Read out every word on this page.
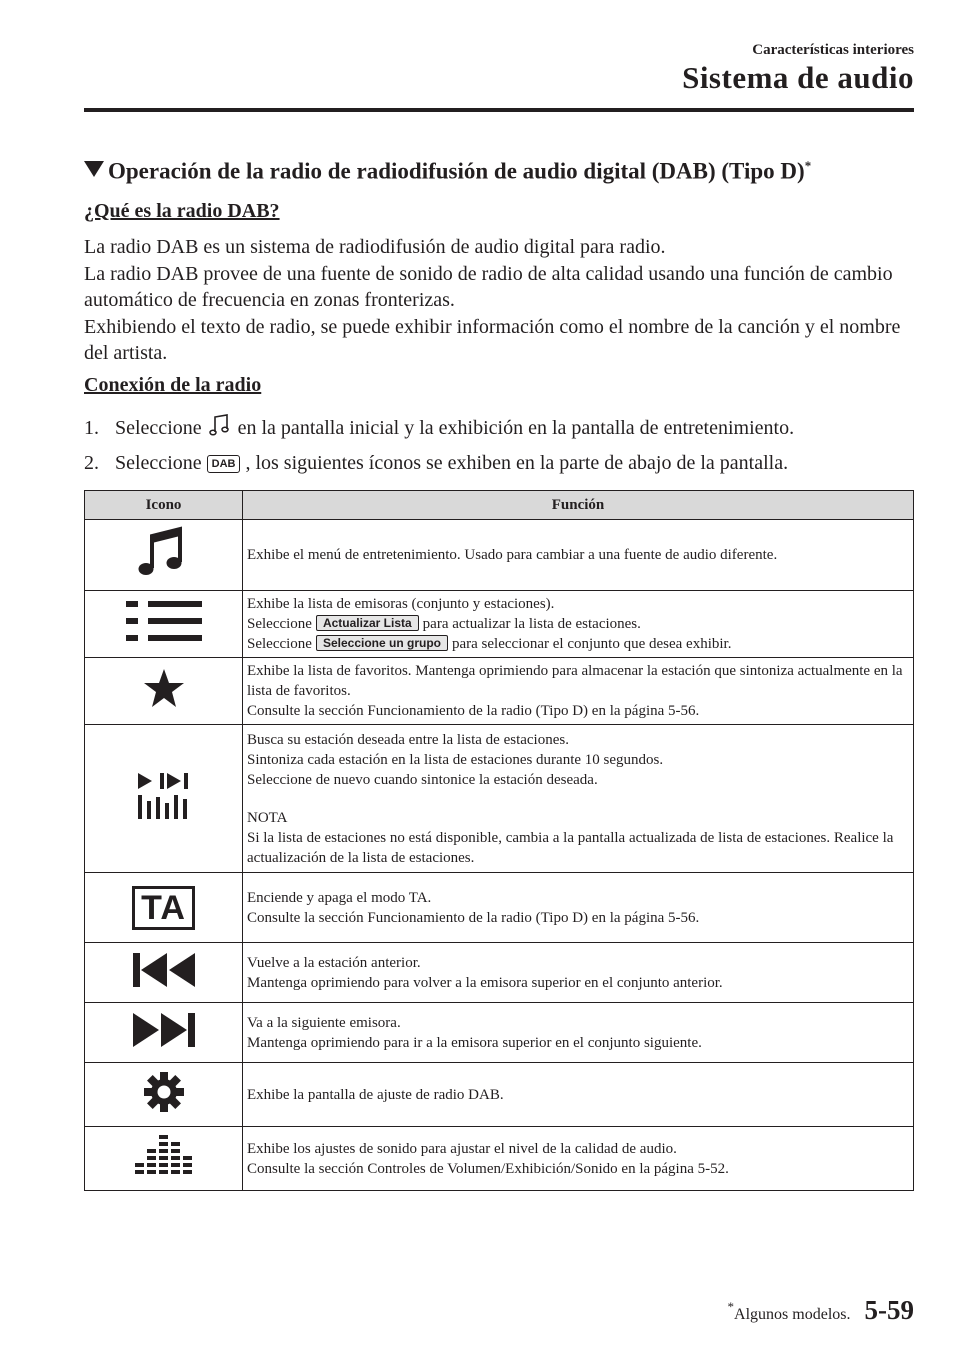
Características interiores
Sistema de audio
Operación de la radio de radiodifusión de audio digital (DAB) (Tipo D)*
¿Qué es la radio DAB?
La radio DAB es un sistema de radiodifusión de audio digital para radio.
La radio DAB provee de una fuente de sonido de radio de alta calidad usando una función de cambio automático de frecuencia en zonas fronterizas.
Exhibiendo el texto de radio, se puede exhibir información como el nombre de la canción y el nombre del artista.
Conexión de la radio
1. Seleccione en la pantalla inicial y la exhibición en la pantalla de entretenimiento.
2. Seleccione DAB , los siguientes íconos se exhiben en la parte de abajo de la pantalla.
Icono	Función

Exhibe el menú de entretenimiento. Usado para cambiar a una fuente de audio diferente.

Exhibe la lista de emisoras (conjunto y estaciones).
Seleccione Actualizar Lista para actualizar la lista de estaciones.
Seleccione Seleccione un grupo para seleccionar el conjunto que desea exhibir.

Exhibe la lista de favoritos. Mantenga oprimiendo para almacenar la estación que sintoniza actualmente en la lista de favoritos.
Consulte la sección Funcionamiento de la radio (Tipo D) en la página 5-56.

Busca su estación deseada entre la lista de estaciones.
Sintoniza cada estación en la lista de estaciones durante 10 segundos.
Seleccione de nuevo cuando sintonice la estación deseada.
NOTA
Si la lista de estaciones no está disponible, cambia a la pantalla actualizada de lista de estaciones. Realice la actualización de la lista de estaciones.

TA	Enciende y apaga el modo TA.
Consulte la sección Funcionamiento de la radio (Tipo D) en la página 5-56.

Vuelve a la estación anterior.
Mantenga oprimiendo para volver a la emisora superior en el conjunto anterior.

Va a la siguiente emisora.
Mantenga oprimiendo para ir a la emisora superior en el conjunto siguiente.

Exhibe la pantalla de ajuste de radio DAB.

Exhibe los ajustes de sonido para ajustar el nivel de la calidad de audio.
Consulte la sección Controles de Volumen/Exhibición/Sonido en la página 5-52.
*Algunos modelos. 5-59
